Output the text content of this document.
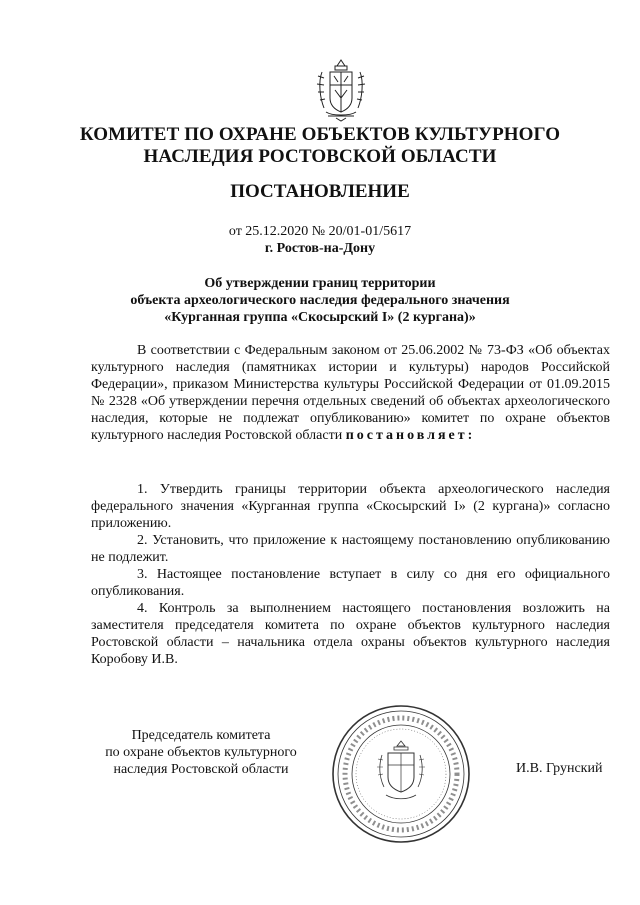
КОМИТЕТ ПО ОХРАНЕ ОБЪЕКТОВ КУЛЬТУРНОГО
НАСЛЕДИЯ РОСТОВСКОЙ ОБЛАСТИ
ПОСТАНОВЛЕНИЕ
от 25.12.2020 № 20/01-01/5617
г. Ростов-на-Дону
Об утверждении границ территории
объекта археологического наследия федерального значения
«Курганная группа «Скосырский I» (2 кургана)»

В соответствии с Федеральным законом от 25.06.2002 № 73-ФЗ «Об объектах культурного наследия (памятниках истории и культуры) народов Российской Федерации», приказом Министерства культуры Российской Федерации от 01.09.2015 № 2328 «Об утверждении перечня отдельных сведений об объектах археологического наследия, которые не подлежат опубликованию» комитет по охране объектов культурного наследия Ростовской области постановляет:

1. Утвердить границы территории объекта археологического наследия федерального значения «Курганная группа «Скосырский I» (2 кургана)» согласно приложению.

2. Установить, что приложение к настоящему постановлению опубликованию не подлежит.

3. Настоящее постановление вступает в силу со дня его официального опубликования.

4. Контроль за выполнением настоящего постановления возложить на заместителя председателя комитета по охране объектов культурного наследия Ростовской области – начальника отдела охраны объектов культурного наследия Коробову И.В.

Председатель комитета
по охране объектов культурного
наследия Ростовской области	И.В. Грунский
